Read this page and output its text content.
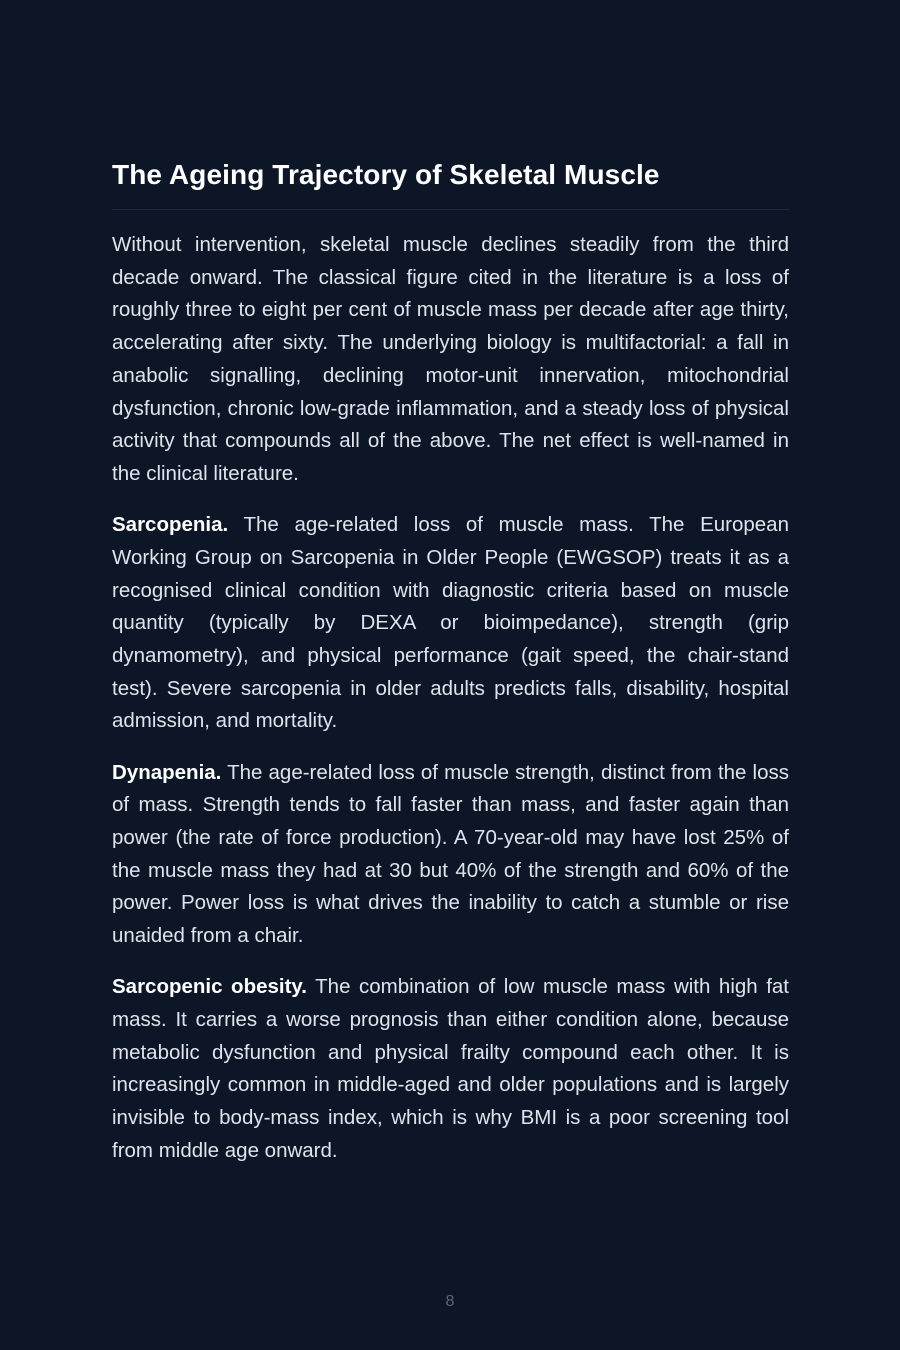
The Ageing Trajectory of Skeletal Muscle

Without intervention, skeletal muscle declines steadily from the third decade onward. The classical figure cited in the literature is a loss of roughly three to eight per cent of muscle mass per decade after age thirty, accelerating after sixty. The underlying biology is multifactorial: a fall in anabolic signalling, declining motor-unit innervation, mitochondrial dysfunction, chronic low-grade inflammation, and a steady loss of physical activity that compounds all of the above. The net effect is well-named in the clinical literature.

Sarcopenia. The age-related loss of muscle mass. The European Working Group on Sarcopenia in Older People (EWGSOP) treats it as a recognised clinical condition with diagnostic criteria based on muscle quantity (typically by DEXA or bioimpedance), strength (grip dynamometry), and physical performance (gait speed, the chair-stand test). Severe sarcopenia in older adults predicts falls, disability, hospital admission, and mortality.

Dynapenia. The age-related loss of muscle strength, distinct from the loss of mass. Strength tends to fall faster than mass, and faster again than power (the rate of force production). A 70-year-old may have lost 25% of the muscle mass they had at 30 but 40% of the strength and 60% of the power. Power loss is what drives the inability to catch a stumble or rise unaided from a chair.

Sarcopenic obesity. The combination of low muscle mass with high fat mass. It carries a worse prognosis than either condition alone, because metabolic dysfunction and physical frailty compound each other. It is increasingly common in middle-aged and older populations and is largely invisible to body-mass index, which is why BMI is a poor screening tool from middle age onward.

8
